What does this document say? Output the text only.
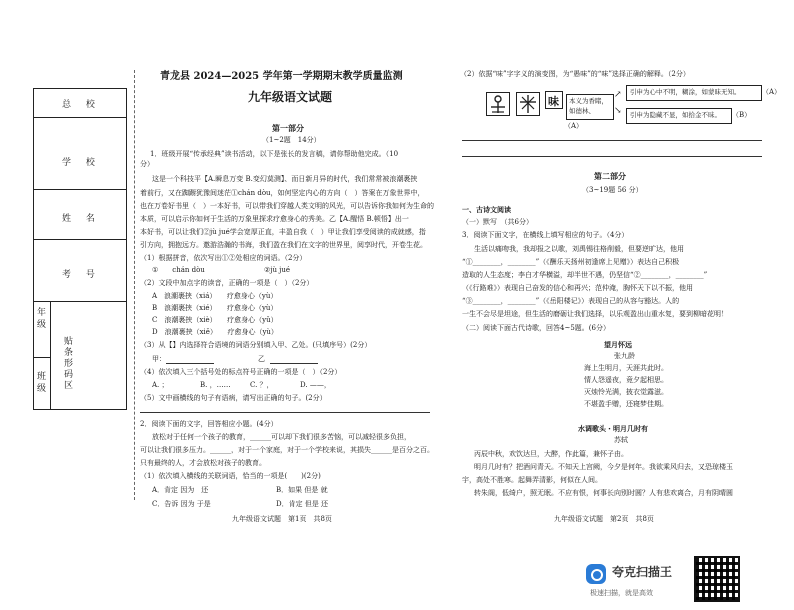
总 校
学 校
姓 名
考 号
年
级
班
级
贴
条
形
码
区
青龙县 2024—2025 学年第一学期期末教学质量监测
九年级语文试题
第一部分
（1~2题　14分）
1．班级开展“传承经典”读书活动，以下是张长的发言稿，请你帮助他完成。（10
分）
这是一个科技平【A.瞬息万变 B.变幻莫测】、而日新月异的时代，我们常常被浪潮裹挟
着前行，又在踟蹰犹豫间迷茫①chán dòu，如何坚定内心的方向（　）答案在万象世界中，
也在万卷好书里（　）一本好书，可以带我们穿越人类文明的风光，可以告诉你我如何为生命的
本质，可以启示你如何于生活的万象里探求疗愈身心的秀美。乙【A.醒悟 B.顿悟】出一
本好书，可以让我们②jù jué学会宽厚正直，丰盈自我（　）甲让我们享受阅读的成就感，指
引方向，拥抱远方。邀游浩瀚的书海，我们盈在我们在文字的世界里，阅享时代，开卷生花。
（1）根据拼音，依次写出①②处相应的词语。（2分）
①　　chán dòu	②jù jué
（2）文段中加点字的读音，正确的一项是（　）（2分）
A　浪潮裹挟（xiá）　　疗愈身心（yù）
B　浪潮裹挟（xié）　　疗愈身心（yù）
C　浪潮裹挟（xiè）　　疗愈身心（yǔ）
D　浪潮裹挟（xiě）　　疗愈身心（yù）
（3）从【】内选择符合语境的词语分别填入甲、乙处。(只填序号）(2分）
甲：	乙
（4）依次填入三个括号处的标点符号正确的一项是（　）（2分）
A. ；	B. ，……	C. ？，	D. ——，
（5）文中画横线的句子有语病，请写出正确的句子。(2分）
2．阅读下面的文字，回答相应小题。(4分）
放松对于任何一个孩子的教育，______可以却下我们很多苦恼，可以减轻很多负担，
可以让我们很多压力。______，对于一个家庭，对于一个学校来说，其损失______是百分之百。
只有最终的人，才会放松对孩子的教育。
（1）依次填入横线的关联词语，恰当的一项是(　　)(2分)
A．肯定 因为　还	B．如果 但是 就
C．告诉 因为 于是	D．肯定 但是 还
九年级语文试题　第1页　共8页
（2）依据“味”字字义的演变图，为“愚味”的“味”选择正确的解释。（2分）
味 本义为香睹，
如德林、
↗
↘
引申为心中不明，糊涂，如蒙昧无知。	（A）
引申为隐藏不显，如拾金不昧。 （B）
（A）
第二部分
（3~19题 56 分）
一、古诗文阅读
（一）默写　（共6分）
3．阅读下面文字，在横线上填写相应的句子。（4分）
生活以痛吻我，我却报之以歌，刘禹锡往格削毅，但要逆旷达，他用
“①________，________”（《酬乐天扬州初逢席上见赠》）表达自己积极
造取的人生态度；李白才华横溢，却半世不遇，仍坚信“②________，________”
（《行路难》）表现自己奋发的信心和再兴；范仲淹，胸怀天下以不振，他用
“③________，________”（《岳阳楼记》）表现自己的从容与豁达。人的
一生不会尽是坦途，但生活的磨砺让我们选择，以乐观盈出山重水复，要到柳暗花明！
（二）阅读下面古代诗歌，回答4~5题。(6分）
望月怀远
张九龄
海上生明月，天涯共此时。
情人怨遥夜，竟夕起相思。
灭烛怜光满，披衣觉露滋。
不堪盈手赠，还寝梦佳期。
水调歌头・明月几时有
苏轼
丙辰中秋，欢饮达旦，大醉，作此篇，兼怀子由。
明月几时有？把酒问青天。不知天上宫阙，今夕是何年。我欲乘风归去，又恐琼楼玉
宇，高处不胜寒。起舞弄清影，何似在人间。
转朱阁，低绮户，照无眠。不应有恨，何事长向别时圆？人有悲欢离合，月有阴晴圆
九年级语文试题　第2页　共8页
夸克扫描王
极速扫描，就是高效
